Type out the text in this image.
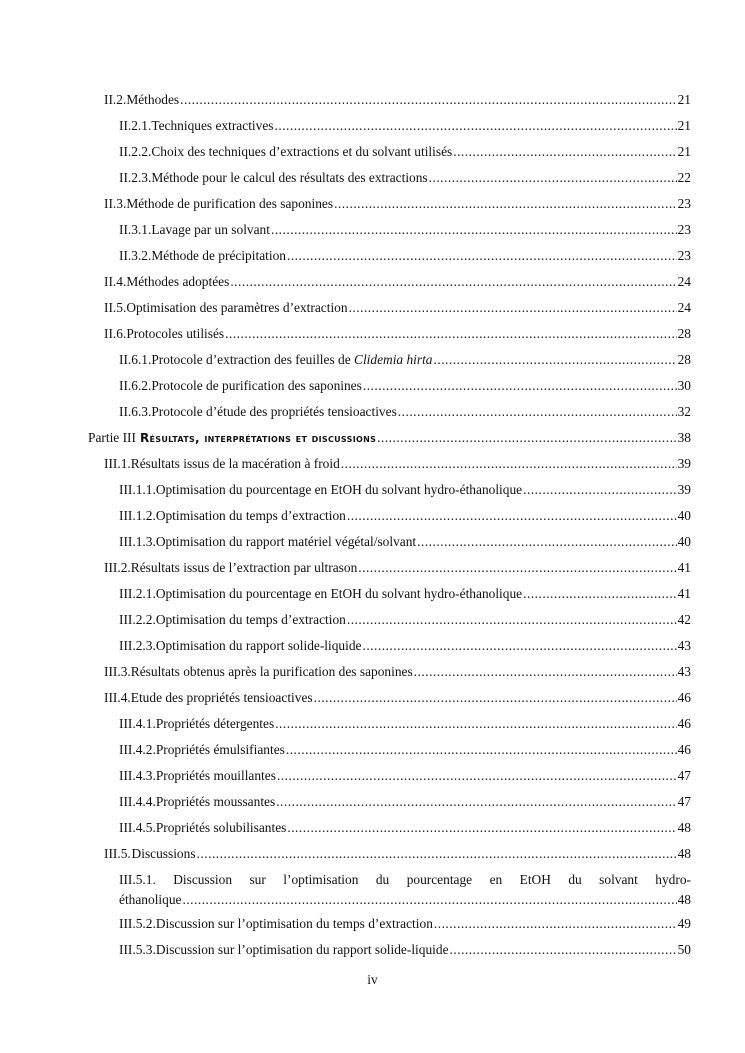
II.2. Méthodes .....	21
II.2.1. Techniques extractives .....	21
II.2.2. Choix des techniques d’extractions et du solvant utilisés .....	21
II.2.3. Méthode pour le calcul des résultats des extractions .....	22
II.3. Méthode de purification des saponines .....	23
II.3.1. Lavage par un solvant .....	23
II.3.2. Méthode de précipitation .....	23
II.4. Méthodes adoptées .....	24
II.5. Optimisation des paramètres d’extraction .....	24
II.6. Protocoles utilisés .....	28
II.6.1. Protocole d’extraction des feuilles de Clidemia hirta .....	28
II.6.2. Protocole de purification des saponines .....	30
II.6.3. Protocole d’étude des propriétés tensioactives .....	32
Partie III Résultats, interprétations et discussions .....	38
III.1. Résultats issus de la macération à froid .....	39
III.1.1. Optimisation du pourcentage en EtOH du solvant hydro-éthanolique .....	39
III.1.2. Optimisation du temps d’extraction .....	40
III.1.3. Optimisation du rapport matériel végétal/solvant .....	40
III.2. Résultats issus de l’extraction par ultrason .....	41
III.2.1. Optimisation du pourcentage en EtOH du solvant hydro-éthanolique .....	41
III.2.2. Optimisation du temps d’extraction .....	42
III.2.3. Optimisation du rapport solide-liquide .....	43
III.3. Résultats obtenus après la purification des saponines .....	43
III.4. Etude des propriétés tensioactives .....	46
III.4.1. Propriétés détergentes .....	46
III.4.2. Propriétés émulsifiantes .....	46
III.4.3. Propriétés mouillantes .....	47
III.4.4. Propriétés moussantes .....	47
III.4.5. Propriétés solubilisantes .....	48
III.5. Discussions .....	48
III.5.1. Discussion sur l’optimisation du pourcentage en EtOH du solvant hydro-
éthanolique .....	48
III.5.2. Discussion sur l’optimisation du temps d’extraction .....	49
III.5.3. Discussion sur l’optimisation du rapport solide-liquide .....	50
iv
